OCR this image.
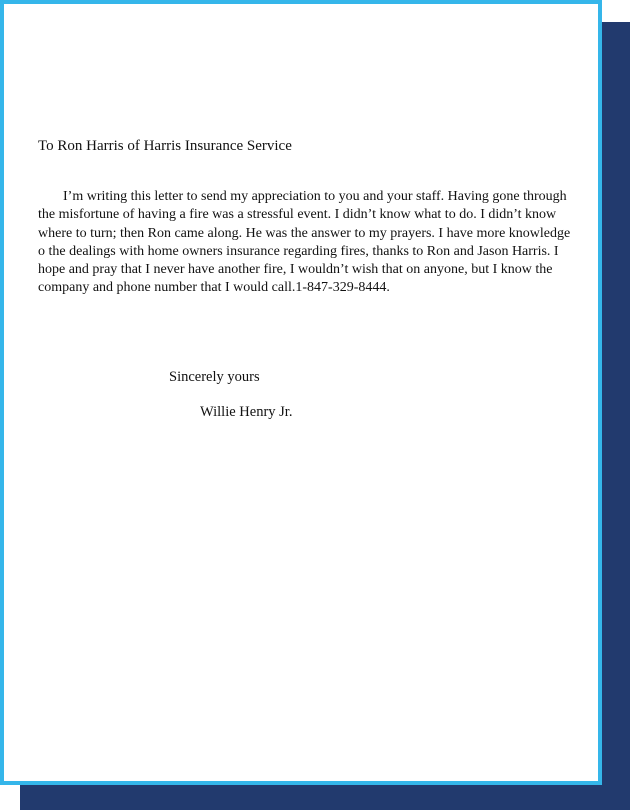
To Ron Harris of Harris Insurance Service

I’m writing this letter to send my appreciation to you and your staff. Having gone through the misfortune of having a fire was a stressful event. I didn’t know what to do. I didn’t know where to turn; then Ron came along. He was the answer to my prayers. I have more knowledge o the dealings with home owners insurance regarding fires, thanks to Ron and Jason Harris. I hope and pray that I never have another fire, I wouldn’t wish that on anyone, but I know the company and phone number that I would call.1-847-329-8444.

Sincerely yours
Willie Henry Jr.
